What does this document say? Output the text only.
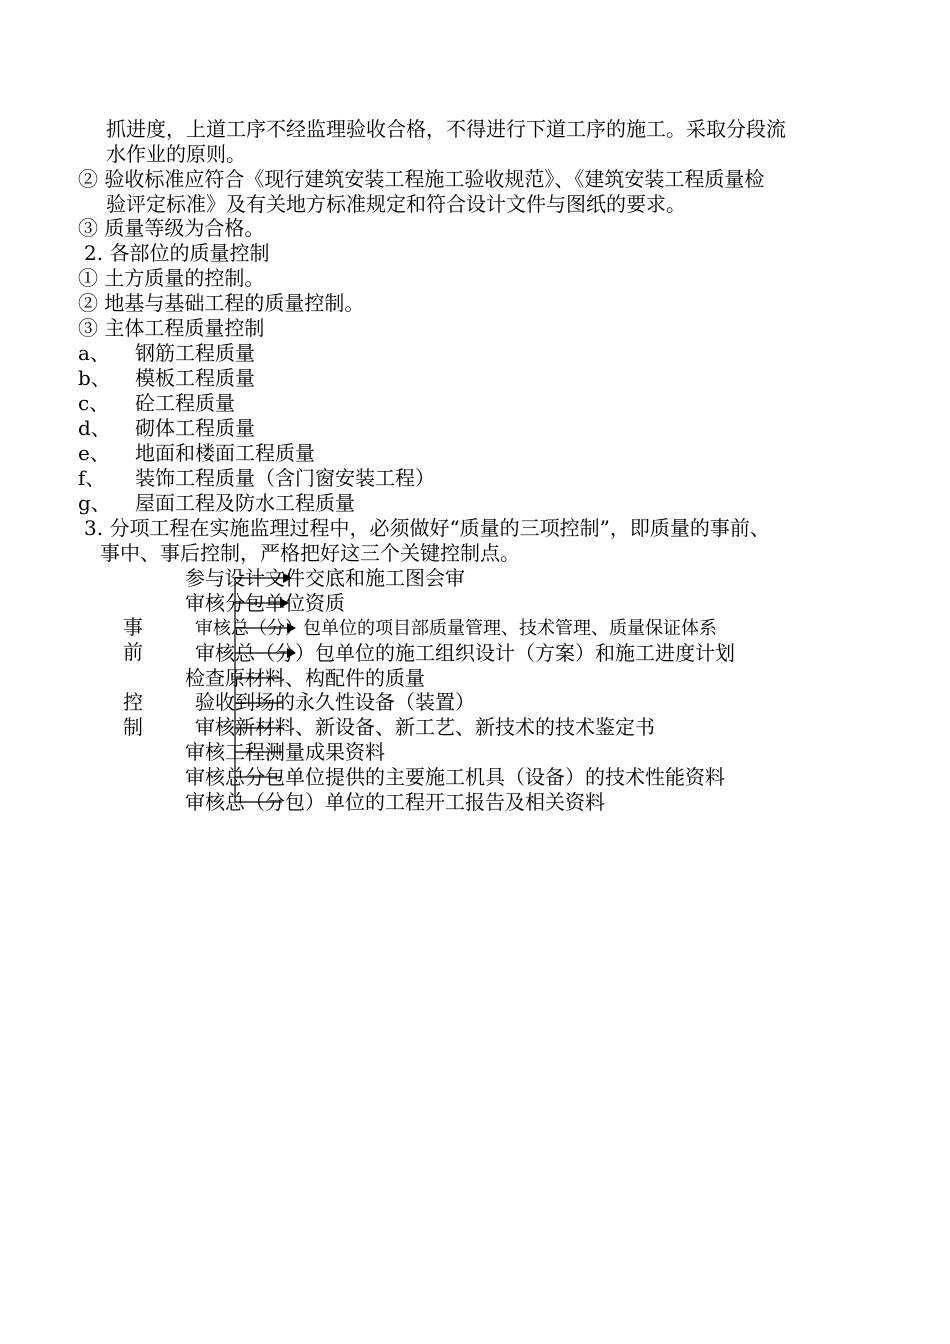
抓进度，上道工序不经监理验收合格，不得进行下道工序的施工。采取分段流
水作业的原则。
② 验收标准应符合《现行建筑安装工程施工验收规范》、《建筑安装工程质量检
验评定标准》及有关地方标准规定和符合设计文件与图纸的要求。
③ 质量等级为合格。
2. 各部位的质量控制
① 土方质量的控制。
② 地基与基础工程的质量控制。
③ 主体工程质量控制
a、 钢筋工程质量
b、 模板工程质量
c、 砼工程质量
d、 砌体工程质量
e、 地面和楼面工程质量
f、 装饰工程质量（含门窗安装工程）
g、 屋面工程及防水工程质量
3. 分项工程在实施监理过程中，必须做好“质量的三项控制”，即质量的事前、
事中、事后控制，严格把好这三个关键控制点。
事
前
控
制
参与设计文件交底和施工图会审
审核分包单位资质
审核总（分）包单位的项目部质量管理、技术管理、质量保证体系
审核总（分）包单位的施工组织设计（方案）和施工进度计划
检查原材料、构配件的质量
验收到场的永久性设备（装置）
审核新材料、新设备、新工艺、新技术的技术鉴定书
审核工程测量成果资料
审核总分包单位提供的主要施工机具（设备）的技术性能资料
审核总（分包）单位的工程开工报告及相关资料
